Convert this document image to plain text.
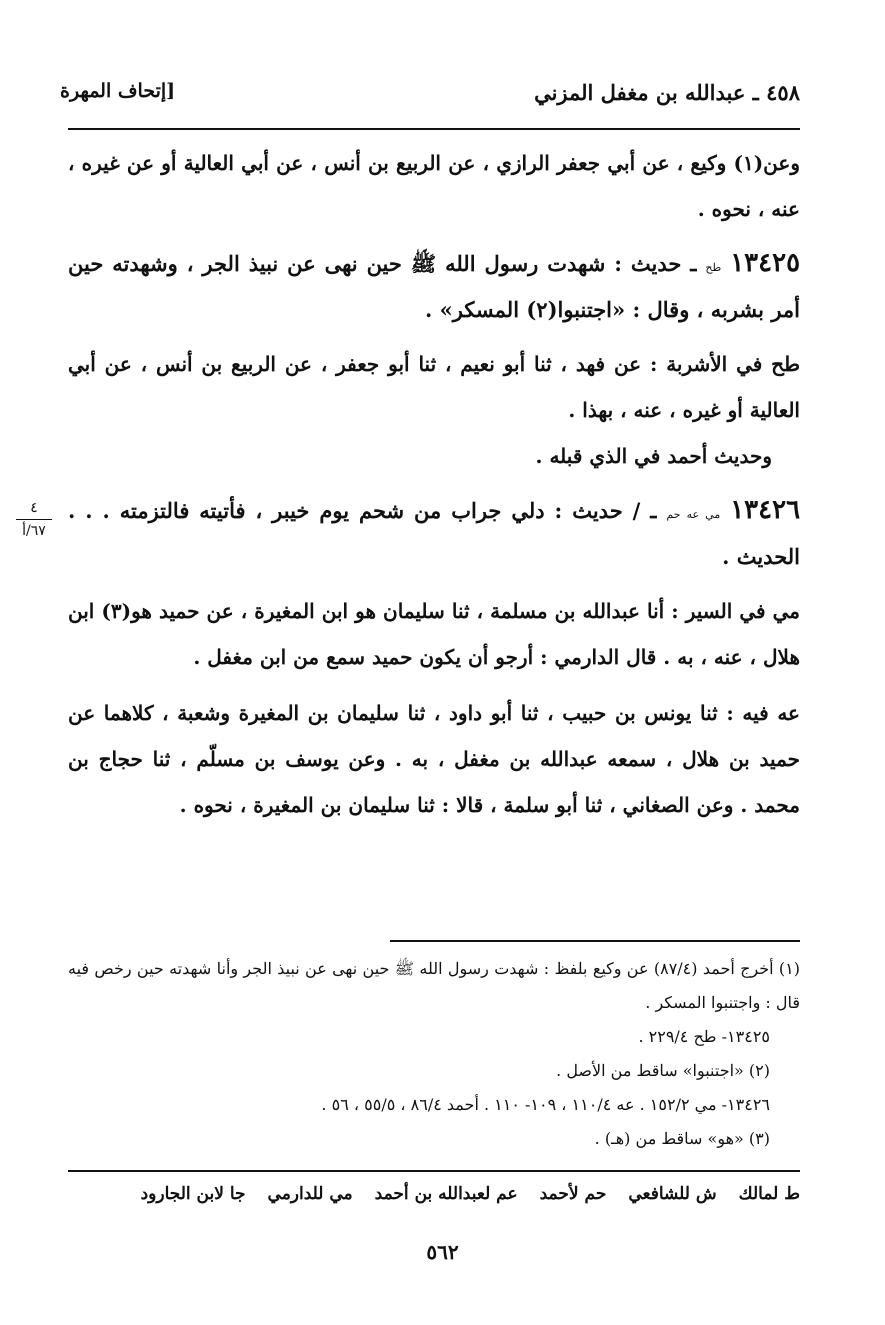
٤٥٨ ـ عبدالله بن مغفل المزني
[إتحاف المهرة
٤
٦٧/أ

وعن(١) وكيع ، عن أبي جعفر الرازي ، عن الربيع بن أنس ، عن أبي العالية أو عن غيره ، عنه ، نحوه .

١٣٤٢٥ طح ـ حديث : شهدت رسول الله ﷺ حين نهى عن نبيذ الجر ، وشهدته حين أمر بشربه ، وقال : «اجتنبوا(٢) المسكر» .

طح في الأشربة : عن فهد ، ثنا أبو نعيم ، ثنا أبو جعفر ، عن الربيع بن أنس ، عن أبي العالية أو غيره ، عنه ، بهذا .

وحديث أحمد في الذي قبله .

١٣٤٢٦ مي عه حم ـ / حديث : دلي جراب من شحم يوم خيبر ، فأتيته فالتزمته . . . الحديث .

مي في السير : أنا عبدالله بن مسلمة ، ثنا سليمان هو ابن المغيرة ، عن حميد هو(٣) ابن هلال ، عنه ، به . قال الدارمي : أرجو أن يكون حميد سمع من ابن مغفل .

عه فيه : ثنا يونس بن حبيب ، ثنا أبو داود ، ثنا سليمان بن المغيرة وشعبة ، كلاهما عن حميد بن هلال ، سمعه عبدالله بن مغفل ، به . وعن يوسف بن مسلّم ، ثنا حجاج بن محمد . وعن الصغاني ، ثنا أبو سلمة ، قالا : ثنا سليمان بن المغيرة ، نحوه .

(١) أخرج أحمد (٨٧/٤) عن وكيع بلفظ : شهدت رسول الله ﷺ حين نهى عن نبيذ الجر وأنا شهدته حين رخص فيه قال : واجتنبوا المسكر .

١٣٤٢٥- طح ٢٢٩/٤ .

(٢) «اجتنبوا» ساقط من الأصل .

١٣٤٢٦- مي ١٥٢/٢ . عه ١١٠/٤ ، ١٠٩- ١١٠ . أحمد ٨٦/٤ ، ٥٥/٥ ، ٥٦ .

(٣) «هو» ساقط من (هـ) .

ط لمالك
ش للشافعي
حم لأحمد
عم لعبدالله بن أحمد
مي للدارمي
جا لابن الجارود
٥٦٢
